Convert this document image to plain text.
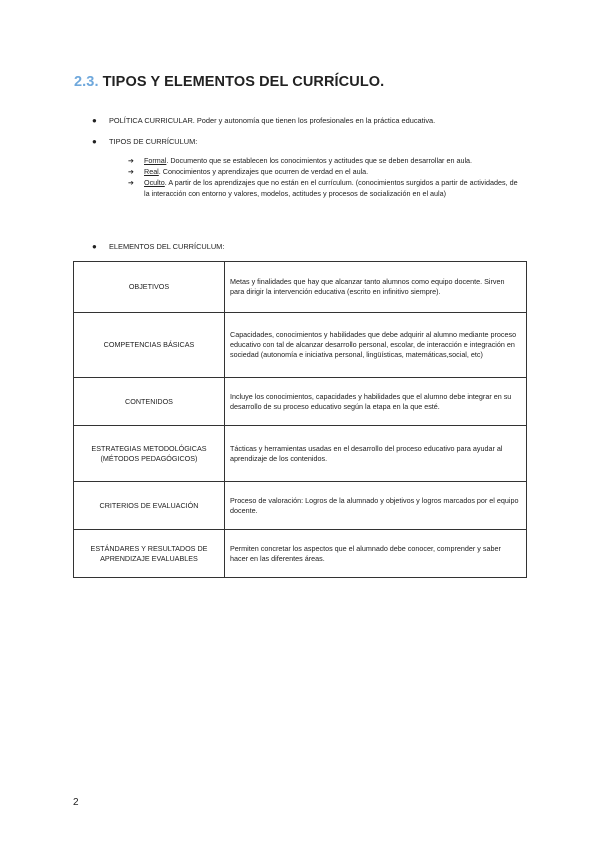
2.3. TIPOS Y ELEMENTOS DEL CURRÍCULO.
● POLÍTICA CURRICULAR. Poder y autonomía que tienen los profesionales en la práctica educativa.
● TIPOS DE CURRÍCULUM:
➔ Formal. Documento que se establecen los conocimientos y actitudes que se deben desarrollar en aula.
➔ Real. Conocimientos y aprendizajes que ocurren de verdad en el aula.
➔ Oculto. A partir de los aprendizajes que no están en el currículum. (conocimientos surgidos a partir de actividades, de la interacción con entorno y valores, modelos, actitudes y procesos de socialización en el aula)
● ELEMENTOS DEL CURRÍCULUM:
OBJETIVOS	Metas y finalidades que hay que alcanzar tanto alumnos como equipo docente. Sirven para dirigir la intervención educativa (escrito en infinitivo siempre).
COMPETENCIAS BÁSICAS	Capacidades, conocimientos y habilidades que debe adquirir al alumno mediante proceso educativo con tal de alcanzar desarrollo personal, escolar, de interacción e integración en sociedad (autonomía e iniciativa personal, lingüísticas, matemáticas,social, etc)
CONTENIDOS	Incluye los conocimientos, capacidades y habilidades que el alumno debe integrar en su desarrollo de su proceso educativo según la etapa en la que esté.
ESTRATEGIAS METODOLÓGICAS (MÉTODOS PEDAGÓGICOS)	Tácticas y herramientas usadas en el desarrollo del proceso educativo para ayudar al aprendizaje de los contenidos.
CRITERIOS DE EVALUACIÓN	Proceso de valoración: Logros de la alumnado y objetivos y logros marcados por el equipo docente.
ESTÁNDARES Y RESULTADOS DE APRENDIZAJE EVALUABLES	Permiten concretar los aspectos que el alumnado debe conocer, comprender y saber hacer en las diferentes áreas.
2
